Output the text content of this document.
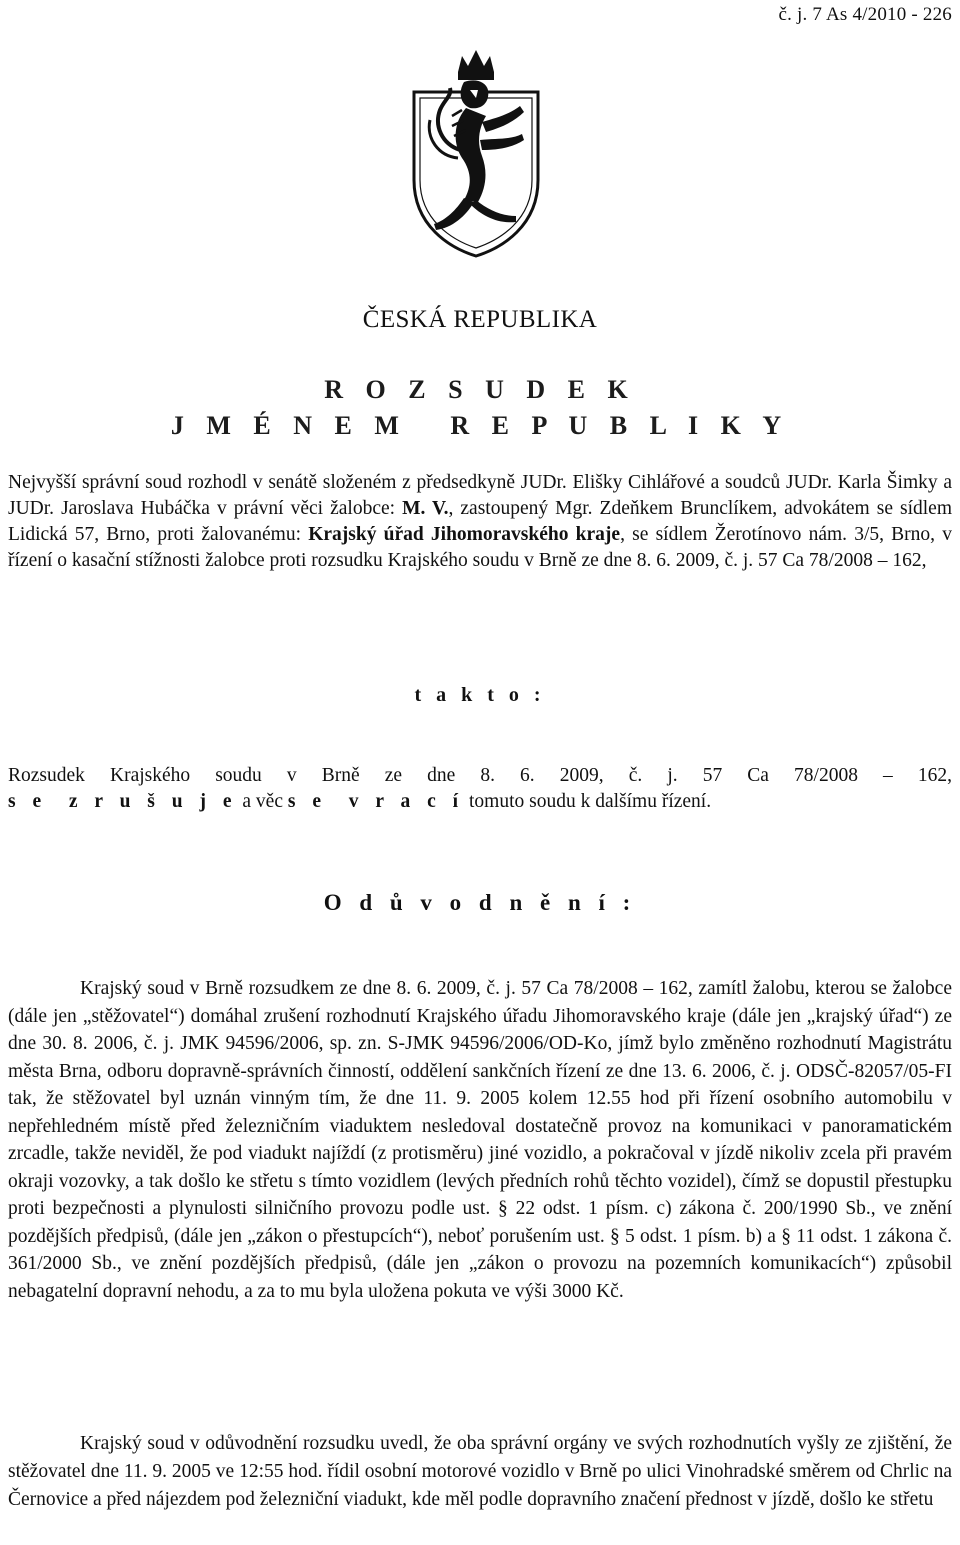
č. j. 7 As 4/2010 - 226
ČESKÁ REPUBLIKA
R O Z S U D E K
J M É N E M   R E P U B L I K Y
Nejvyšší správní soud rozhodl v senátě složeném z předsedkyně JUDr. Elišky Cihlářové a soudců JUDr. Karla Šimky a JUDr. Jaroslava Hubáčka v právní věci žalobce: M. V., zastoupený Mgr. Zdeňkem Brunclíkem, advokátem se sídlem Lidická 57, Brno, proti žalovanému: Krajský úřad Jihomoravského kraje, se sídlem Žerotínovo nám. 3/5, Brno, v řízení o kasační stížnosti žalobce proti rozsudku Krajského soudu v Brně ze dne 8. 6. 2009, č. j. 57 Ca 78/2008 – 162,
t a k t o :
Rozsudek Krajského soudu v Brně ze dne 8. 6. 2009, č. j. 57 Ca 78/2008 – 162,
s e  z r u š u j e a věc s e  v r a c í tomuto soudu k dalšímu řízení.
O d ů v o d n ě n í :
Krajský soud v Brně rozsudkem ze dne 8. 6. 2009, č. j. 57 Ca 78/2008 – 162, zamítl žalobu, kterou se žalobce (dále jen „stěžovatel“) domáhal zrušení rozhodnutí Krajského úřadu Jihomoravského kraje (dále jen „krajský úřad“) ze dne 30. 8. 2006, č. j. JMK 94596/2006, sp. zn. S-JMK 94596/2006/OD-Ko, jímž bylo změněno rozhodnutí Magistrátu města Brna, odboru dopravně-správních činností, oddělení sankčních řízení ze dne 13. 6. 2006, č. j. ODSČ-82057/05-FI tak, že stěžovatel byl uznán vinným tím, že dne 11. 9. 2005 kolem 12.55 hod při řízení osobního automobilu v nepřehledném místě před železničním viaduktem nesledoval dostatečně provoz na komunikaci v panoramatickém zrcadle, takže neviděl, že pod viadukt najíždí (z protisměru) jiné vozidlo, a pokračoval v jízdě nikoliv zcela při pravém okraji vozovky, a tak došlo ke střetu s tímto vozidlem (levých předních rohů těchto vozidel), čímž se dopustil přestupku proti bezpečnosti a plynulosti silničního provozu podle ust. § 22 odst. 1 písm. c) zákona č. 200/1990 Sb., ve znění pozdějších předpisů, (dále jen „zákon o přestupcích“), neboť porušením ust. § 5 odst. 1 písm. b) a § 11 odst. 1 zákona č. 361/2000 Sb., ve znění pozdějších předpisů, (dále jen „zákon o provozu na pozemních komunikacích“) způsobil nebagatelní dopravní nehodu, a za to mu byla uložena pokuta ve výši 3000 Kč.
Krajský soud v odůvodnění rozsudku uvedl, že oba správní orgány ve svých rozhodnutích vyšly ze zjištění, že stěžovatel dne 11. 9. 2005 ve 12:55 hod. řídil osobní motorové vozidlo v Brně po ulici Vinohradské směrem od Chrlic na Černovice a před nájezdem pod železniční viadukt, kde měl podle dopravního značení přednost v jízdě, došlo ke střetu
